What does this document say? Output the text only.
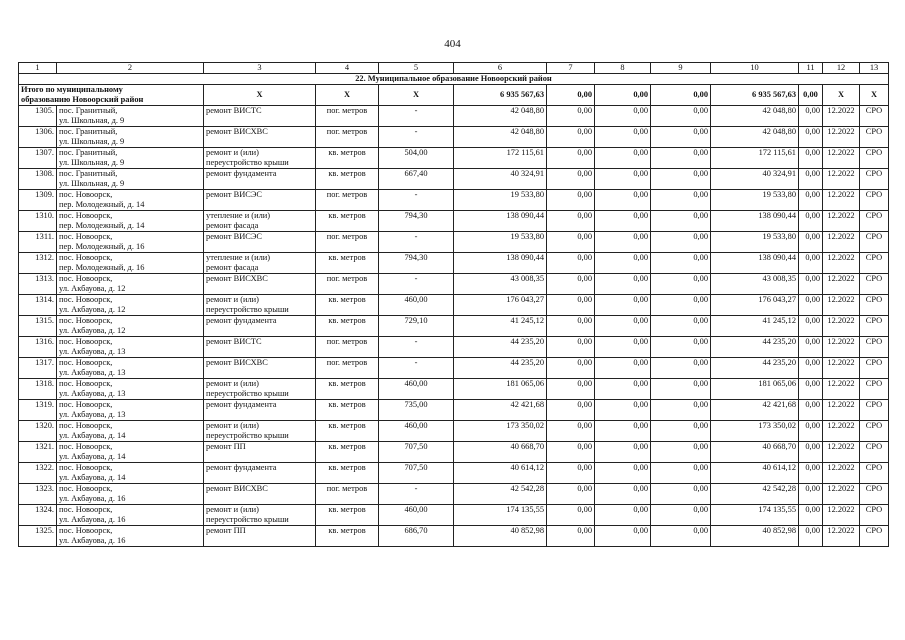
404
1	2	3	4	5	6	7	8	9	10	11	12	13	
22. Муниципальное образование Новоорский район													

Итого по муниципальному
образованию Новоорский район		X	X	X	6 935 567,63	0,00	0,00	0,00	6 935 567,63	0,00	X	X	
1305.	пос. Гранитный,
ул. Школьная, д. 9	ремонт ВИСТС	пог. метров	-	42 048,80	0,00	0,00	0,00	42 048,80	0,00	12.2022	СРО	
1306.	пос. Гранитный,
ул. Школьная, д. 9	ремонт ВИСХВС	пог. метров	-	42 048,80	0,00	0,00	0,00	42 048,80	0,00	12.2022	СРО	
1307.	пос. Гранитный,
ул. Школьная, д. 9	ремонт и (или)
переустройство крыши	кв. метров	504,00	172 115,61	0,00	0,00	0,00	172 115,61	0,00	12.2022	СРО	
1308.	пос. Гранитный,
ул. Школьная, д. 9	ремонт фундамента	кв. метров	667,40	40 324,91	0,00	0,00	0,00	40 324,91	0,00	12.2022	СРО	
1309.	пос. Новоорск,
пер. Молодежный, д. 14	ремонт ВИСЭС	пог. метров	-	19 533,80	0,00	0,00	0,00	19 533,80	0,00	12.2022	СРО	
1310.	пос. Новоорск,
пер. Молодежный, д. 14	утепление и (или)
ремонт фасада	кв. метров	794,30	138 090,44	0,00	0,00	0,00	138 090,44	0,00	12.2022	СРО	
1311.	пос. Новоорск,
пер. Молодежный, д. 16	ремонт ВИСЭС	пог. метров	-	19 533,80	0,00	0,00	0,00	19 533,80	0,00	12.2022	СРО	
1312.	пос. Новоорск,
пер. Молодежный, д. 16	утепление и (или)
ремонт фасада	кв. метров	794,30	138 090,44	0,00	0,00	0,00	138 090,44	0,00	12.2022	СРО	
1313.	пос. Новоорск,
ул. Акбауова, д. 12	ремонт ВИСХВС	пог. метров	-	43 008,35	0,00	0,00	0,00	43 008,35	0,00	12.2022	СРО	
1314.	пос. Новоорск,
ул. Акбауова, д. 12	ремонт и (или)
переустройство крыши	кв. метров	460,00	176 043,27	0,00	0,00	0,00	176 043,27	0,00	12.2022	СРО	
1315.	пос. Новоорск,
ул. Акбауова, д. 12	ремонт фундамента	кв. метров	729,10	41 245,12	0,00	0,00	0,00	41 245,12	0,00	12.2022	СРО	
1316.	пос. Новоорск,
ул. Акбауова, д. 13	ремонт ВИСТС	пог. метров	-	44 235,20	0,00	0,00	0,00	44 235,20	0,00	12.2022	СРО	
1317.	пос. Новоорск,
ул. Акбауова, д. 13	ремонт ВИСХВС	пог. метров	-	44 235,20	0,00	0,00	0,00	44 235,20	0,00	12.2022	СРО	
1318.	пос. Новоорск,
ул. Акбауова, д. 13	ремонт и (или)
переустройство крыши	кв. метров	460,00	181 065,06	0,00	0,00	0,00	181 065,06	0,00	12.2022	СРО	
1319.	пос. Новоорск,
ул. Акбауова, д. 13	ремонт фундамента	кв. метров	735,00	42 421,68	0,00	0,00	0,00	42 421,68	0,00	12.2022	СРО	
1320.	пос. Новоорск,
ул. Акбауова, д. 14	ремонт и (или)
переустройство крыши	кв. метров	460,00	173 350,02	0,00	0,00	0,00	173 350,02	0,00	12.2022	СРО	
1321.	пос. Новоорск,
ул. Акбауова, д. 14	ремонт ПП	кв. метров	707,50	40 668,70	0,00	0,00	0,00	40 668,70	0,00	12.2022	СРО	
1322.	пос. Новоорск,
ул. Акбауова, д. 14	ремонт фундамента	кв. метров	707,50	40 614,12	0,00	0,00	0,00	40 614,12	0,00	12.2022	СРО	
1323.	пос. Новоорск,
ул. Акбауова, д. 16	ремонт ВИСХВС	пог. метров	-	42 542,28	0,00	0,00	0,00	42 542,28	0,00	12.2022	СРО	
1324.	пос. Новоорск,
ул. Акбауова, д. 16	ремонт и (или)
переустройство крыши	кв. метров	460,00	174 135,55	0,00	0,00	0,00	174 135,55	0,00	12.2022	СРО	
1325.	пос. Новоорск,
ул. Акбауова, д. 16	ремонт ПП	кв. метров	686,70	40 852,98	0,00	0,00	0,00	40 852,98	0,00	12.2022	СРО	
